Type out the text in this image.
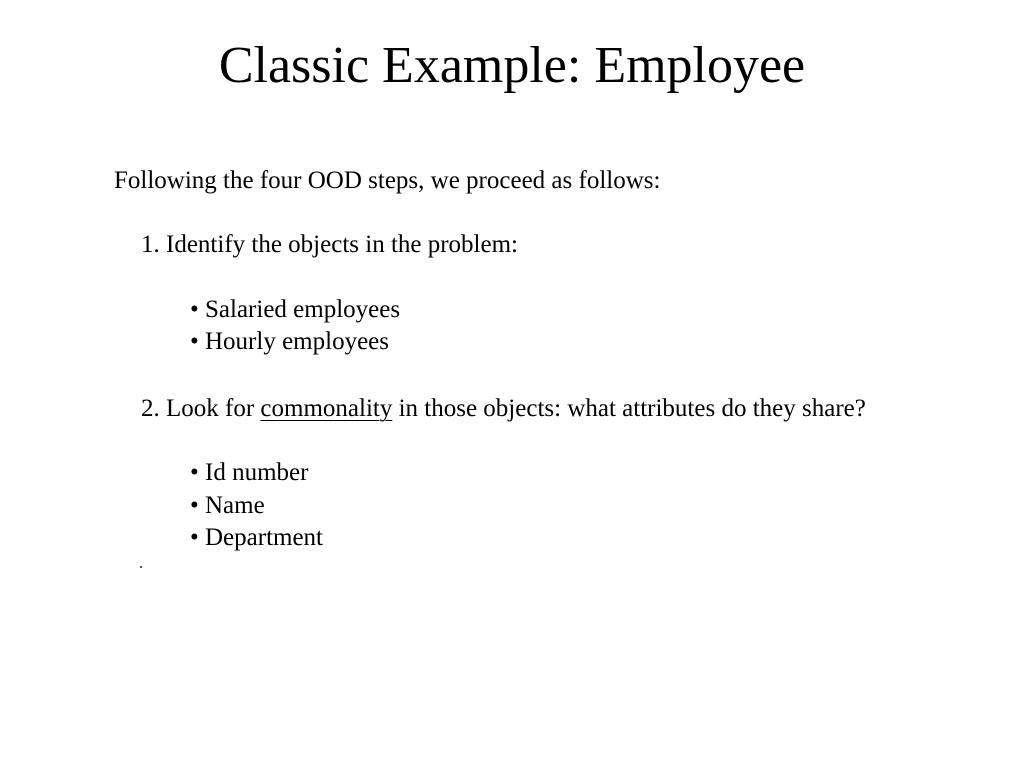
Classic Example: Employee
Following the four OOD steps, we proceed as follows:
1. Identify the objects in the problem:
• Salaried employees
• Hourly employees
2. Look for commonality in those objects: what attributes do they share?
• Id number
• Name
• Department
